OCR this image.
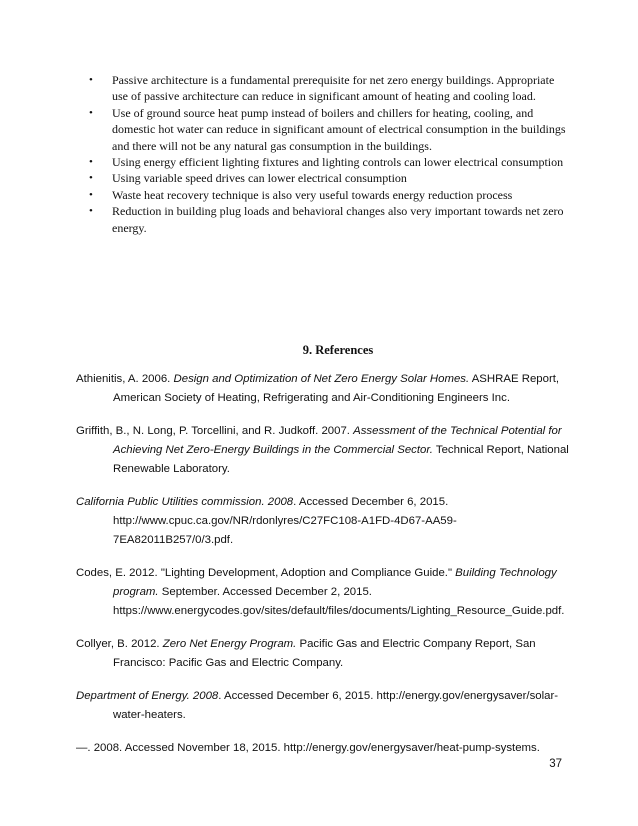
• Passive architecture is a fundamental prerequisite for net zero energy buildings. Appropriate use of passive architecture can reduce in significant amount of heating and cooling load.
• Use of ground source heat pump instead of boilers and chillers for heating, cooling, and domestic hot water can reduce in significant amount of electrical consumption in the buildings and there will not be any natural gas consumption in the buildings.
• Using energy efficient lighting fixtures and lighting controls can lower electrical consumption
• Using variable speed drives can lower electrical consumption
• Waste heat recovery technique is also very useful towards energy reduction process
• Reduction in building plug loads and behavioral changes also very important towards net zero energy.
9. References

Athienitis, A. 2006. Design and Optimization of Net Zero Energy Solar Homes. ASHRAE Report, American Society of Heating, Refrigerating and Air-Conditioning Engineers Inc.

Griffith, B., N. Long, P. Torcellini, and R. Judkoff. 2007. Assessment of the Technical Potential for Achieving Net Zero-Energy Buildings in the Commercial Sector. Technical Report, National Renewable Laboratory.

California Public Utilities commission. 2008. Accessed December 6, 2015. http://www.cpuc.ca.gov/NR/rdonlyres/C27FC108-A1FD-4D67-AA59-7EA82011B257/0/3.pdf.

Codes, E. 2012. "Lighting Development, Adoption and Compliance Guide." Building Technology program. September. Accessed December 2, 2015. https://www.energycodes.gov/sites/default/files/documents/Lighting_Resource_Guide.pdf.

Collyer, B. 2012. Zero Net Energy Program. Pacific Gas and Electric Company Report, San Francisco: Pacific Gas and Electric Company.

Department of Energy. 2008. Accessed December 6, 2015. http://energy.gov/energysaver/solar-water-heaters.

—. 2008. Accessed November 18, 2015. http://energy.gov/energysaver/heat-pump-systems.

37
